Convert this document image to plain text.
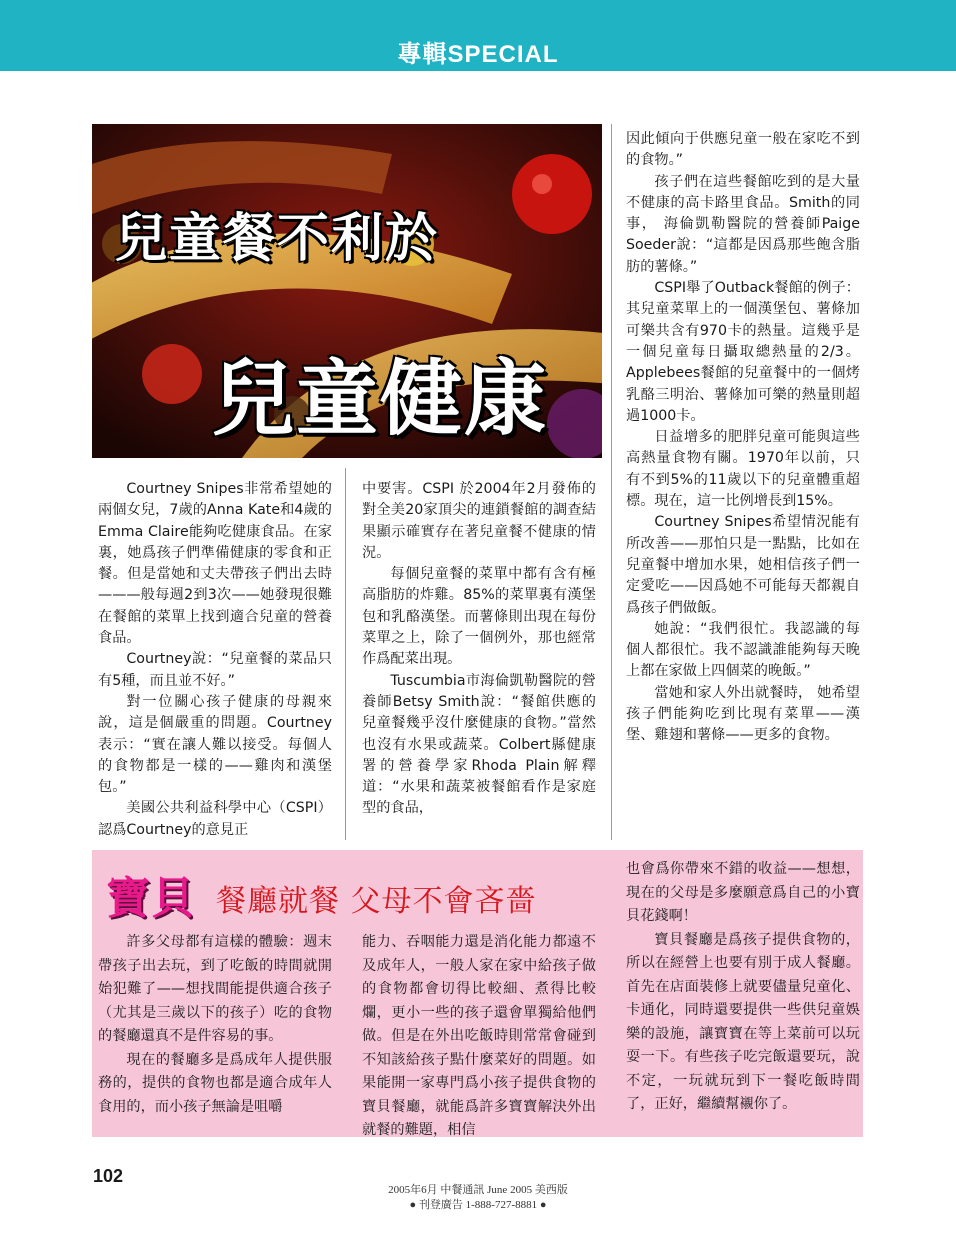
專輯SPECIAL
兒童餐不利於
兒童健康

Courtney Snipes非常希望她的兩個女兒，7歲的Anna Kate和4歲的Emma Claire能夠吃健康食品。在家裏，她爲孩子們準備健康的零食和正餐。但是當她和丈夫帶孩子們出去時———般每週2到3次——她發現很難在餐館的菜單上找到適合兒童的營養食品。

Courtney說：“兒童餐的菜品只有5種，而且並不好。”

對一位關心孩子健康的母親來說，這是個嚴重的問題。Courtney表示：“實在讓人難以接受。每個人的食物都是一樣的——雞肉和漢堡包。”

美國公共利益科學中心（CSPI）認爲Courtney的意見正

中要害。CSPI 於2004年2月發佈的對全美20家頂尖的連鎖餐館的調查結果顯示確實存在著兒童餐不健康的情況。

每個兒童餐的菜單中都有含有極高脂肪的炸雞。85%的菜單裏有漢堡包和乳酪漢堡。而薯條則出現在每份菜單之上，除了一個例外，那也經常作爲配菜出現。

Tuscumbia市海倫凱勒醫院的營養師Betsy Smith說：“餐館供應的兒童餐幾乎沒什麼健康的食物。”當然也沒有水果或蔬菜。Colbert縣健康署的營養學家Rhoda Plain解釋道：“水果和蔬菜被餐館看作是家庭型的食品，

因此傾向于供應兒童一般在家吃不到的食物。”

孩子們在這些餐館吃到的是大量不健康的高卡路里食品。Smith的同事， 海倫凱勒醫院的營養師Paige Soeder說：“這都是因爲那些飽含脂肪的薯條。”

CSPI舉了Outback餐館的例子：其兒童菜單上的一個漢堡包、薯條加可樂共含有970卡的熱量。這幾乎是一個兒童每日攝取總熱量的2/3。Applebees餐館的兒童餐中的一個烤乳酪三明治、薯條加可樂的熱量則超過1000卡。

日益增多的肥胖兒童可能與這些高熱量食物有關。1970年以前，只有不到5%的11歲以下的兒童體重超標。現在，這一比例增長到15%。

Courtney Snipes希望情況能有所改善——那怕只是一點點，比如在兒童餐中增加水果，她相信孩子們一定愛吃——因爲她不可能每天都親自爲孩子們做飯。

她說：“我們很忙。我認識的每個人都很忙。我不認識誰能夠每天晚上都在家做上四個菜的晚飯。”

當她和家人外出就餐時， 她希望孩子們能夠吃到比現有菜單——漢堡、雞翅和薯條——更多的食物。

寶貝 餐廳就餐 父母不會吝嗇

許多父母都有這樣的體驗：週末帶孩子出去玩，到了吃飯的時間就開始犯難了——想找間能提供適合孩子（尤其是三歲以下的孩子）吃的食物的餐廳還真不是件容易的事。

現在的餐廳多是爲成年人提供服務的，提供的食物也都是適合成年人食用的，而小孩子無論是咀嚼

能力、吞咽能力還是消化能力都遠不及成年人，一般人家在家中給孩子做的食物都會切得比較細、煮得比較爛，更小一些的孩子還會單獨給他們做。但是在外出吃飯時則常常會碰到不知該給孩子點什麼菜好的問題。如果能開一家專門爲小孩子提供食物的寶貝餐廳，就能爲許多寶寶解決外出就餐的難題，相信

也會爲你帶來不錯的收益——想想，現在的父母是多麼願意爲自己的小寶貝花錢啊！

寶貝餐廳是爲孩子提供食物的，所以在經營上也要有別于成人餐廳。首先在店面裝修上就要儘量兒童化、卡通化，同時還要提供一些供兒童娛樂的設施，讓寶寶在等上菜前可以玩耍一下。有些孩子吃完飯還要玩，說不定，一玩就玩到下一餐吃飯時間了，正好，繼續幫襯你了。

102
2005年6月 中餐通訊 June 2005 美西版
● 刊登廣告 1-888-727-8881 ●
